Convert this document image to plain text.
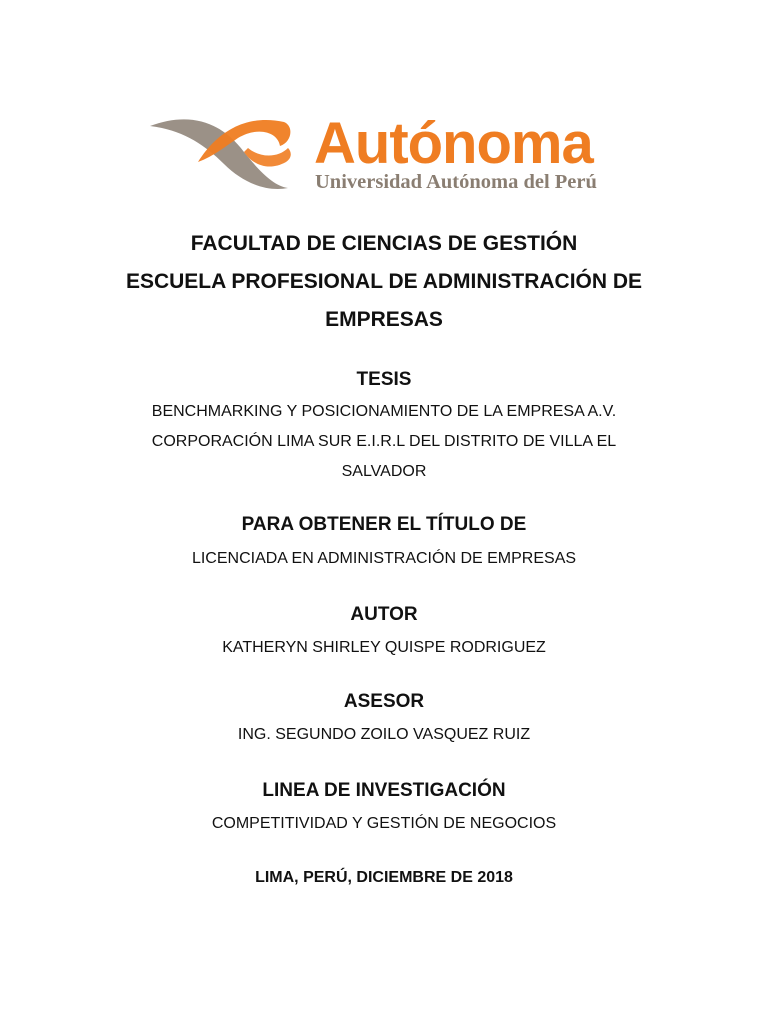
Autónoma
Universidad Autónoma del Perú
FACULTAD DE CIENCIAS DE GESTIÓN
ESCUELA PROFESIONAL DE ADMINISTRACIÓN DE
EMPRESAS
TESIS
BENCHMARKING Y POSICIONAMIENTO DE LA EMPRESA A.V.
CORPORACIÓN LIMA SUR E.I.R.L DEL DISTRITO DE VILLA EL
SALVADOR
PARA OBTENER EL TÍTULO DE
LICENCIADA EN ADMINISTRACIÓN DE EMPRESAS
AUTOR
KATHERYN SHIRLEY QUISPE RODRIGUEZ
ASESOR
ING. SEGUNDO ZOILO VASQUEZ RUIZ
LINEA DE INVESTIGACIÓN
COMPETITIVIDAD Y GESTIÓN DE NEGOCIOS
LIMA, PERÚ, DICIEMBRE DE 2018
